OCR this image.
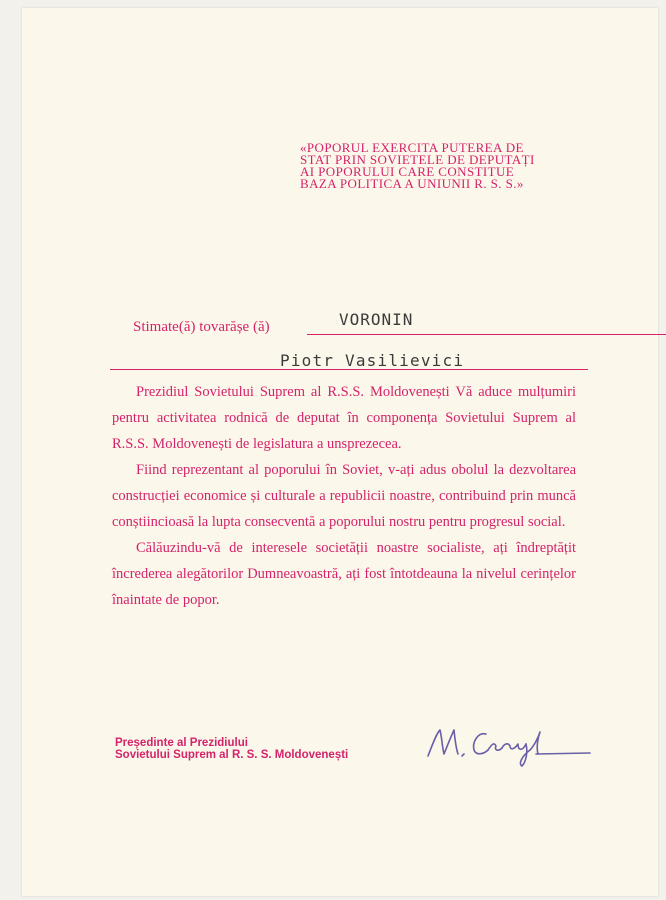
«POPORUL EXERCITA PUTEREA DE
STAT PRIN SOVIETELE DE DEPUTAȚI
AI POPORULUI CARE CONSTITUE
BAZA POLITICA A UNIUNII R. S. S.»
Stimate(ă) tovarășe (ă)	VORONIN
Piotr Vasilievici

Prezidiul Sovietului Suprem al R.S.S. Moldovenești Vă aduce mulțumiri pentru activitatea rodnică de deputat în componența Sovietului Suprem al R.S.S. Moldovenești de legislatura a unsprezecea.

Fiind reprezentant al poporului în Soviet, v-ați adus obolul la dezvoltarea construcției economice și culturale a republicii noastre, contribuind prin muncă conștiincioasă la lupta consecventă a poporului nostru pentru progresul social.

Călăuzindu-vă de interesele societății noastre socialiste, ați îndreptățit încrederea alegătorilor Dumneavoastră, ați fost întotdeauna la nivelul cerințelor înaintate de popor.

Președinte al Prezidiului
Sovietului Suprem al R. S. S. Moldovenești
